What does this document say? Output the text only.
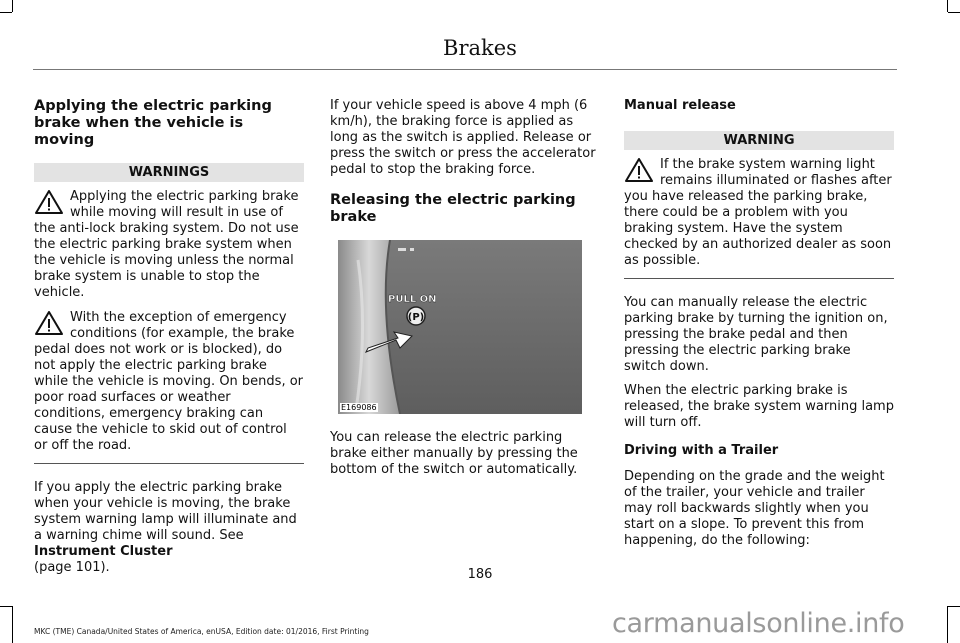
Brakes
Applying the electric parking brake when the vehicle is moving
WARNINGS
Applying the electric parking brake while moving will result in use of the anti-lock braking system. Do not use the electric parking brake system when the vehicle is moving unless the normal brake system is unable to stop the vehicle.
With the exception of emergency conditions (for example, the brake pedal does not work or is blocked), do not apply the electric parking brake while the vehicle is moving. On bends, or poor road surfaces or weather conditions, emergency braking can cause the vehicle to skid out of control or off the road.

If you apply the electric parking brake when your vehicle is moving, the brake system warning lamp will illuminate and a warning chime will sound. See Instrument Cluster
(page 101).

If your vehicle speed is above 4 mph (6 km/h), the braking force is applied as long as the switch is applied. Release or press the switch or press the accelerator pedal to stop the braking force.

Releasing the electric parking brake
(P)
PULL ON
E169086

You can release the electric parking brake either manually by pressing the bottom of the switch or automatically.

Manual release
WARNING
If the brake system warning light remains illuminated or flashes after you have released the parking brake, there could be a problem with you braking system. Have the system checked by an authorized dealer as soon as possible.

You can manually release the electric parking brake by turning the ignition on, pressing the brake pedal and then pressing the electric parking brake switch down.

When the electric parking brake is released, the brake system warning lamp will turn off.

Driving with a Trailer

Depending on the grade and the weight of the trailer, your vehicle and trailer may roll backwards slightly when you start on a slope. To prevent this from happening, do the following:

186
MKC (TME) Canada/United States of America, enUSA, Edition date: 01/2016, First Printing	carmanualsonline.info
